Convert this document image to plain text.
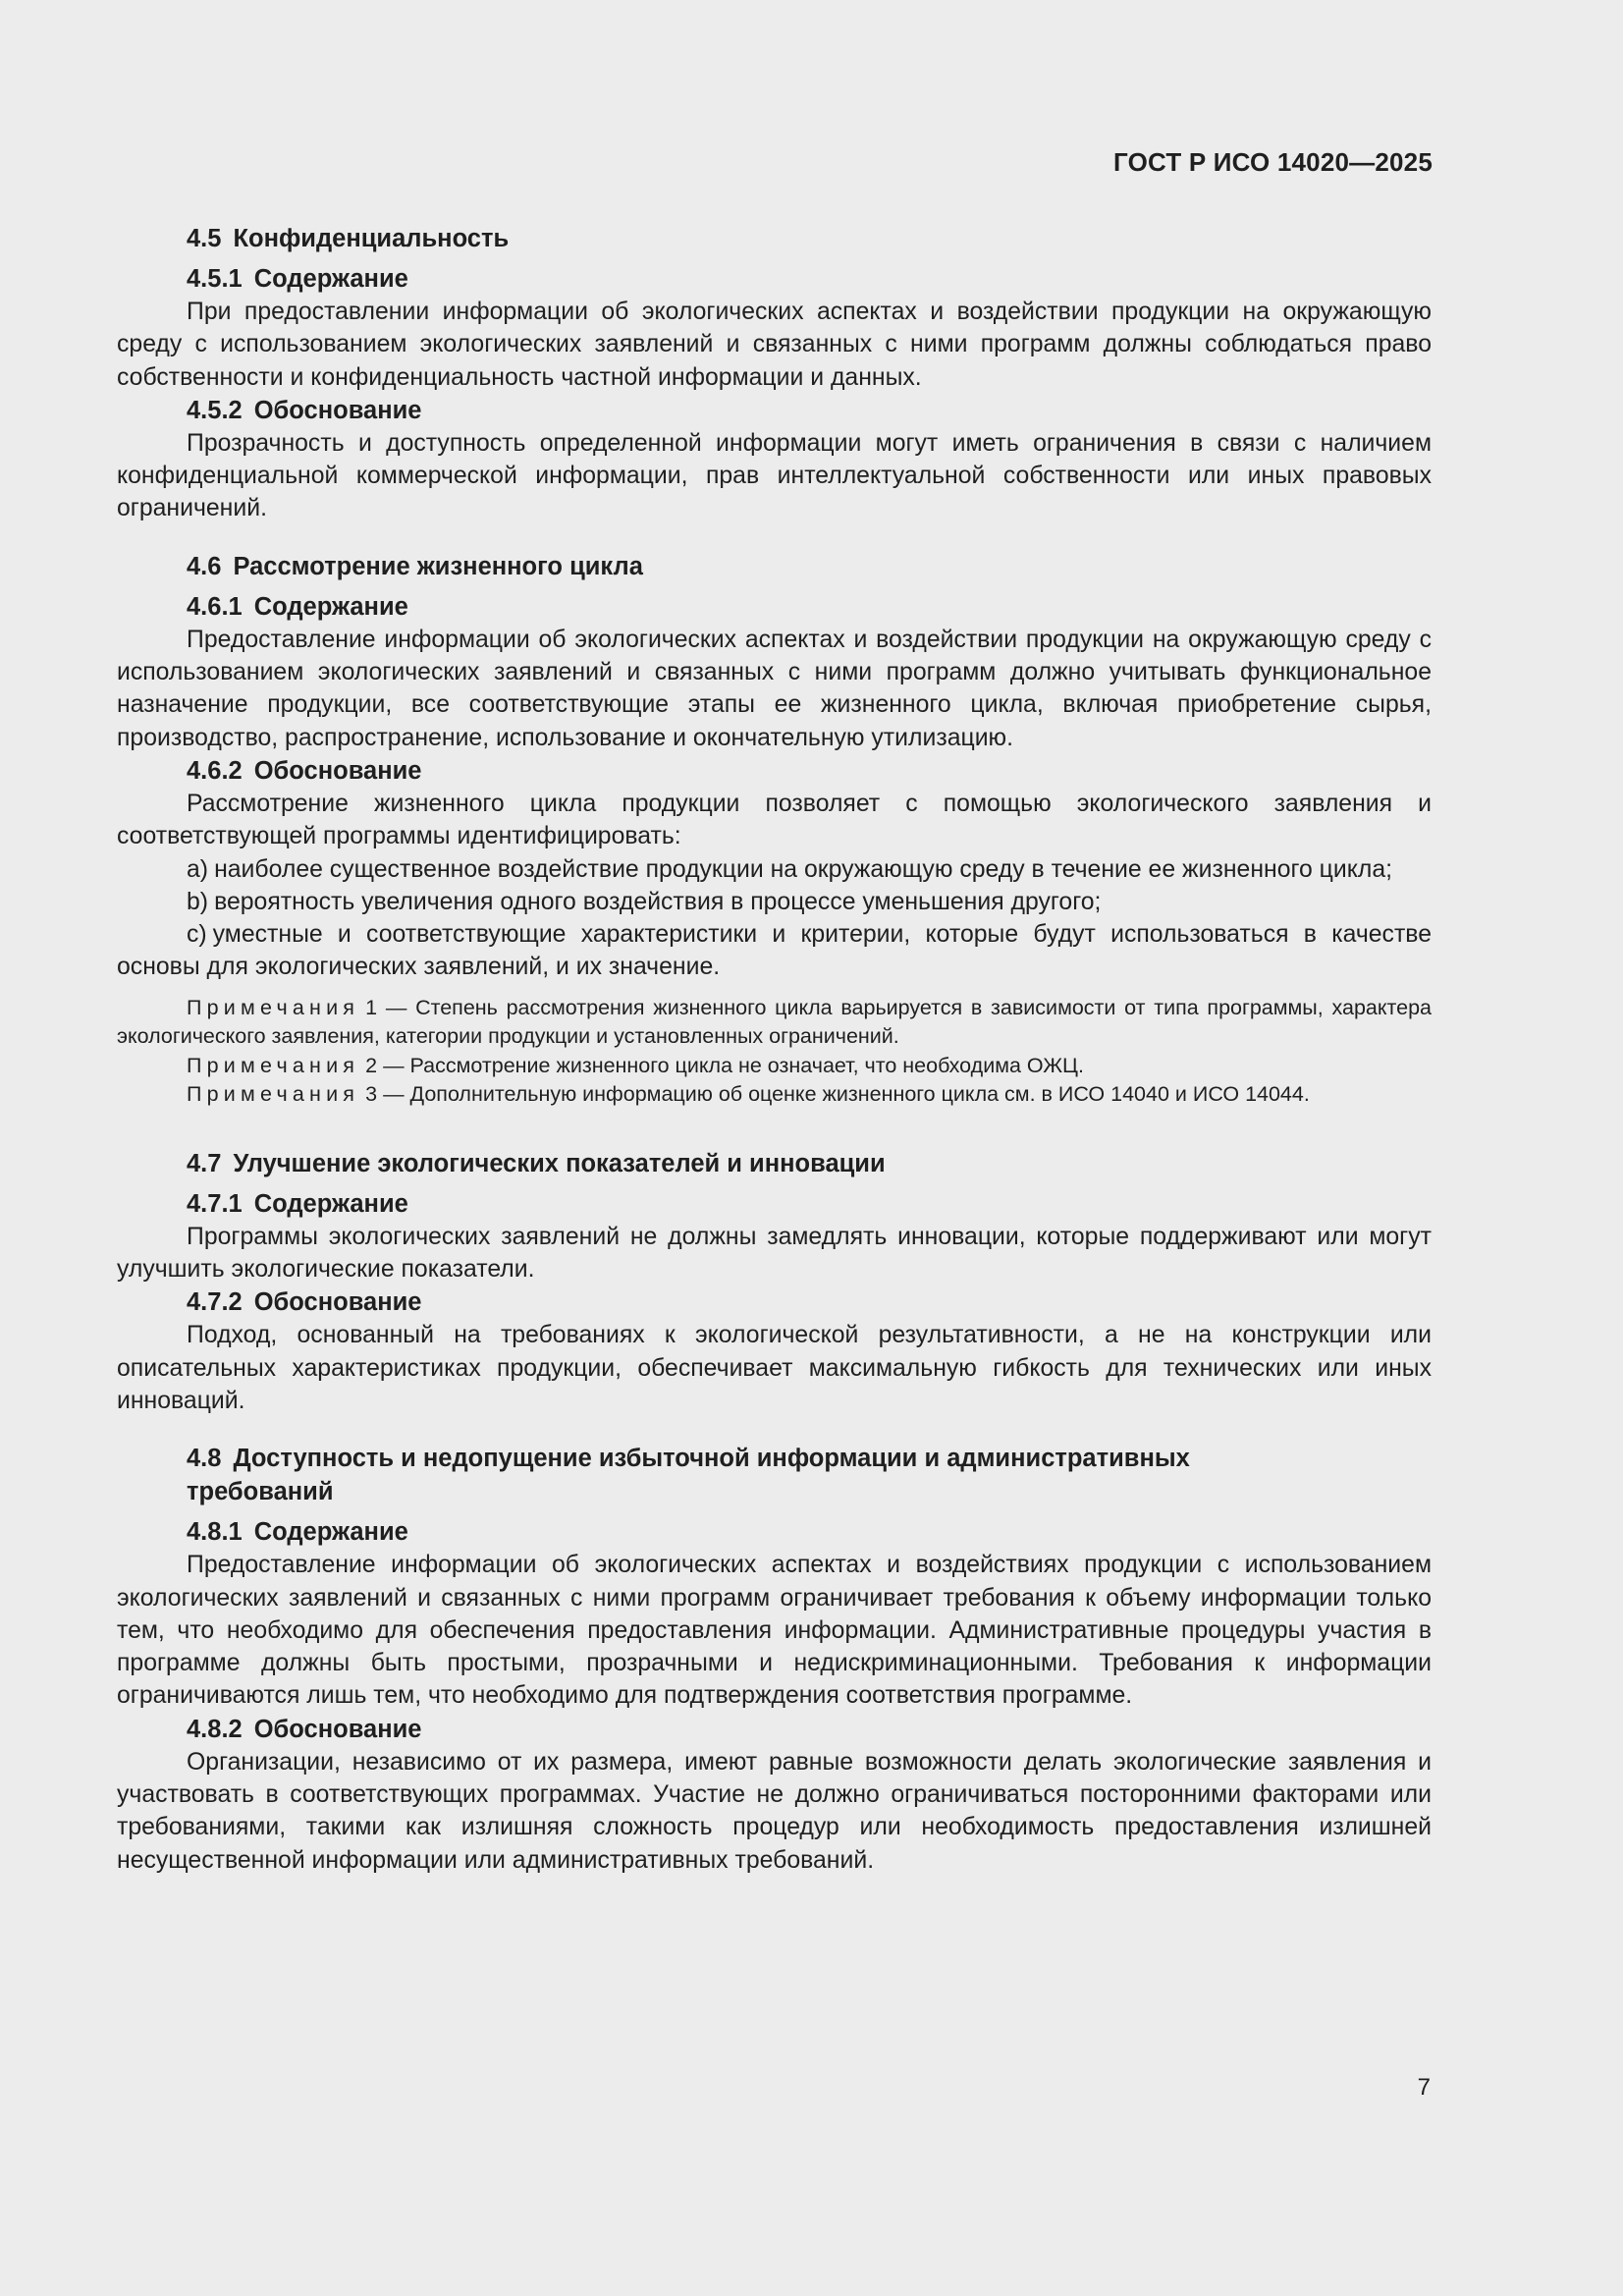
ГОСТ Р ИСО 14020—2025
4.5 Конфиденциальность
4.5.1 Содержание

При предоставлении информации об экологических аспектах и воздействии продукции на окружающую среду с использованием экологических заявлений и связанных с ними программ должны соблюдаться право собственности и конфиденциальность частной информации и данных.

4.5.2 Обоснование

Прозрачность и доступность определенной информации могут иметь ограничения в связи с наличием конфиденциальной коммерческой информации, прав интеллектуальной собственности или иных правовых ограничений.

4.6 Рассмотрение жизненного цикла
4.6.1 Содержание

Предоставление информации об экологических аспектах и воздействии продукции на окружающую среду с использованием экологических заявлений и связанных с ними программ должно учитывать функциональное назначение продукции, все соответствующие этапы ее жизненного цикла, включая приобретение сырья, производство, распространение, использование и окончательную утилизацию.

4.6.2 Обоснование

Рассмотрение жизненного цикла продукции позволяет с помощью экологического заявления и соответствующей программы идентифицировать:

a) наиболее существенное воздействие продукции на окружающую среду в течение ее жизненного цикла;

b) вероятность увеличения одного воздействия в процессе уменьшения другого;

c) уместные и соответствующие характеристики и критерии, которые будут использоваться в качестве основы для экологических заявлений, и их значение.

Примечания 1 — Степень рассмотрения жизненного цикла варьируется в зависимости от типа программы, характера экологического заявления, категории продукции и установленных ограничений.

Примечания 2 — Рассмотрение жизненного цикла не означает, что необходима ОЖЦ.

Примечания 3 — Дополнительную информацию об оценке жизненного цикла см. в ИСО 14040 и ИСО 14044.

4.7 Улучшение экологических показателей и инновации
4.7.1 Содержание

Программы экологических заявлений не должны замедлять инновации, которые поддерживают или могут улучшить экологические показатели.

4.7.2 Обоснование

Подход, основанный на требованиях к экологической результативности, а не на конструкции или описательных характеристиках продукции, обеспечивает максимальную гибкость для технических или иных инноваций.

4.8 Доступность и недопущение избыточной информации и административных
требований
4.8.1 Содержание

Предоставление информации об экологических аспектах и воздействиях продукции с использованием экологических заявлений и связанных с ними программ ограничивает требования к объему информации только тем, что необходимо для обеспечения предоставления информации. Административные процедуры участия в программе должны быть простыми, прозрачными и недискриминационными. Требования к информации ограничиваются лишь тем, что необходимо для подтверждения соответствия программе.

4.8.2 Обоснование

Организации, независимо от их размера, имеют равные возможности делать экологические заявления и участвовать в соответствующих программах. Участие не должно ограничиваться посторонними факторами или требованиями, такими как излишняя сложность процедур или необходимость предоставления излишней несущественной информации или административных требований.

7
